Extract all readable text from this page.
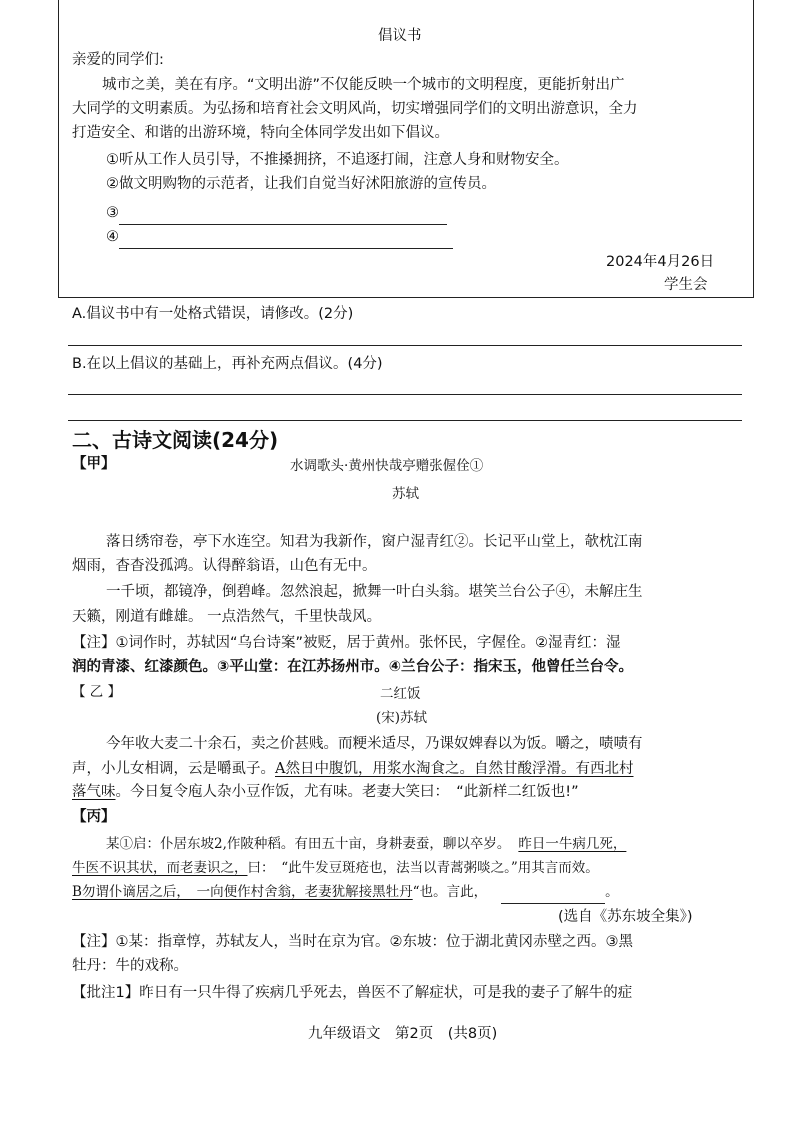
倡议书
亲爱的同学们:
城市之美，美在有序。“文明出游”不仅能反映一个城市的文明程度，更能折射出广
大同学的文明素质。为弘扬和培育社会文明风尚，切实增强同学们的文明出游意识，全力
打造安全、和谐的出游环境，特向全体同学发出如下倡议。
①听从工作人员引导，不推搡拥挤，不追逐打闹，注意人身和财物安全。
②做文明购物的示范者，让我们自觉当好沭阳旅游的宣传员。
③
④
2024年4月26日
学生会
A.倡议书中有一处格式错误，请修改。(2分)
B.在以上倡议的基础上，再补充两点倡议。(4分)
二、古诗文阅读(24分)
【甲】	水调歌头·黄州快哉亭赠张偓佺①
苏轼
落日绣帘卷，亭下水连空。知君为我新作，窗户湿青红②。长记平山堂上，欹枕江南
烟雨，杳杳没孤鸿。认得醉翁语，山色有无中。
一千顷，都镜净，倒碧峰。忽然浪起，掀舞一叶白头翁。堪笑兰台公子④，未解庄生
天籁，刚道有雌雄。 一点浩然气，千里快哉风。
【注】①词作时，苏轼因“乌台诗案”被贬，居于黄州。张怀民，字偓佺。②湿青红：湿
润的青漆、红漆颜色。③平山堂：在江苏扬州市。④兰台公子：指宋玉，他曾任兰台令。
【 乙 】	二红饭
(宋)苏轼
今年收大麦二十余石，卖之价甚贱。而粳米适尽，乃课奴婢舂以为饭。嚼之，啧啧有
声，小儿女相调，云是嚼虱子。A然日中腹饥，用浆水淘食之。自然甘酸浮滑。有西北村
落气味。今日复令庖人杂小豆作饭，尤有味。老妻大笑曰：　“此新样二红饭也!”
【丙】
某①启：仆居东坡2,作陂种稻。有田五十亩，身耕妻蚕，聊以卒岁。 昨日一牛病几死，
牛医不识其状，而老妻识之，曰：　“此牛发豆斑疮也，法当以青蒿粥啖之。”用其言而效。
B勿谓仆谪居之后，　一向便作村舍翁，老妻犹解接黑牡丹“也。言此，	。
(选自《苏东坡全集》)
【注】①某：指章惇，苏轼友人，当时在京为官。②东坡：位于湖北黄冈赤壁之西。③黑
牡丹：牛的戏称。
【批注1】昨日有一只牛得了疾病几乎死去，兽医不了解症状，可是我的妻子了解牛的症
九年级语文　第2页　(共8页)
